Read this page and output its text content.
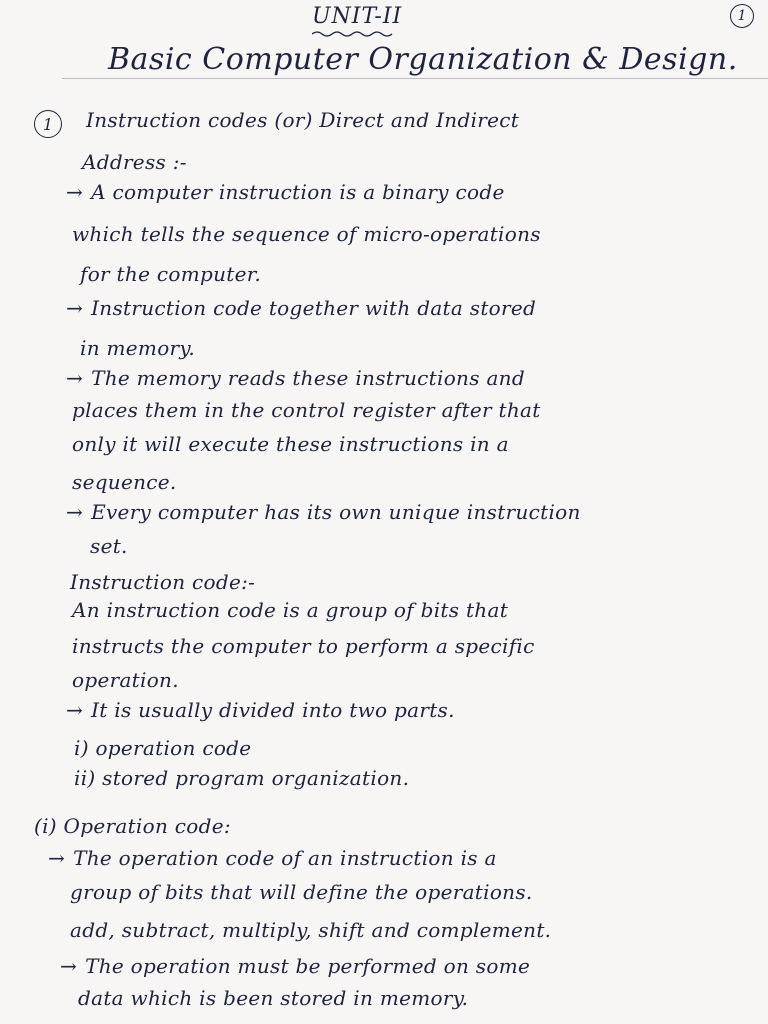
UNIT-II	1
Basic Computer Organization & Design.
1	Instruction codes (or) Direct and Indirect
Address :-
→ A computer instruction is a binary code
which tells the sequence of micro-operations
for the computer.
→ Instruction code together with data stored
in memory.
→ The memory reads these instructions and
places them in the control register after that
only it will execute these instructions in a
sequence.
→ Every computer has its own unique instruction
set.
Instruction code:-
An instruction code is a group of bits that
instructs the computer to perform a specific
operation.
→ It is usually divided into two parts.
i) operation code
ii) stored program organization.
(i) Operation code:
→ The operation code of an instruction is a
group of bits that will define the operations.
add, subtract, multiply, shift and complement.
→ The operation must be performed on some
data which is been stored in memory.
